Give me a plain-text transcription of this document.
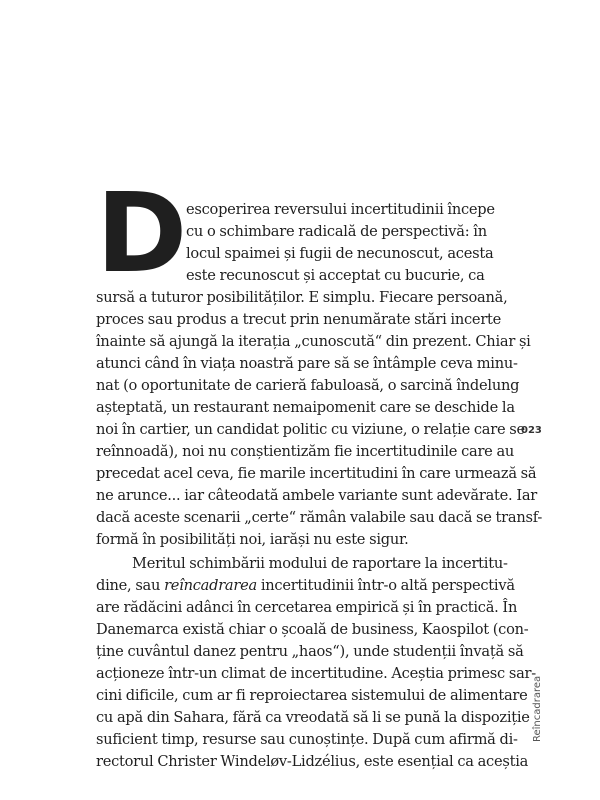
D escoperirea reversului incertitudinii începe
cu o schimbare radicală de perspectivă: în
locul spaimei și fugii de necunoscut, acesta
este recunoscut și acceptat cu bucurie, ca
sursă a tuturor posibilităților. E simplu. Fiecare persoană,
proces sau produs a trecut prin nenumărate stări incerte
înainte să ajungă la iterația „cunoscută“ din prezent. Chiar și
atunci când în viața noastră pare să se întâmple ceva minu-
nat (o oportunitate de carieră fabuloasă, o sarcină îndelung
așteptată, un restaurant nemaipomenit care se deschide la
noi în cartier, un candidat politic cu viziune, o relație care se
reînnoadă), noi nu conștientizăm fie incertitudinile care au
precedat acel ceva, fie marile incertitudini în care urmează să
ne arunce... iar câteodată ambele variante sunt adevărate. Iar
dacă aceste scenarii „certe“ rămân valabile sau dacă se transf-
formă în posibilități noi, iarăși nu este sigur.
Meritul schimbării modului de raportare la incertitu-
dine, sau reîncadrarea incertitudinii într-o altă perspectivă
are rădăcini adânci în cercetarea empirică și în practică. În
Danemarca există chiar o școală de business, Kaospilot (con-
ține cuvântul danez pentru „haos“), unde studenții învață să
acționeze într-un climat de incertitudine. Aceștia primesc sar-
cini dificile, cum ar fi reproiectarea sistemului de alimentare
cu apă din Sahara, fără ca vreodată să li se pună la dispoziție
suficient timp, resurse sau cunoștințe. După cum afirmă di-
rectorul Christer Windeløv-Lidzélius, este esențial ca aceștia
023
Reîncadrarea
